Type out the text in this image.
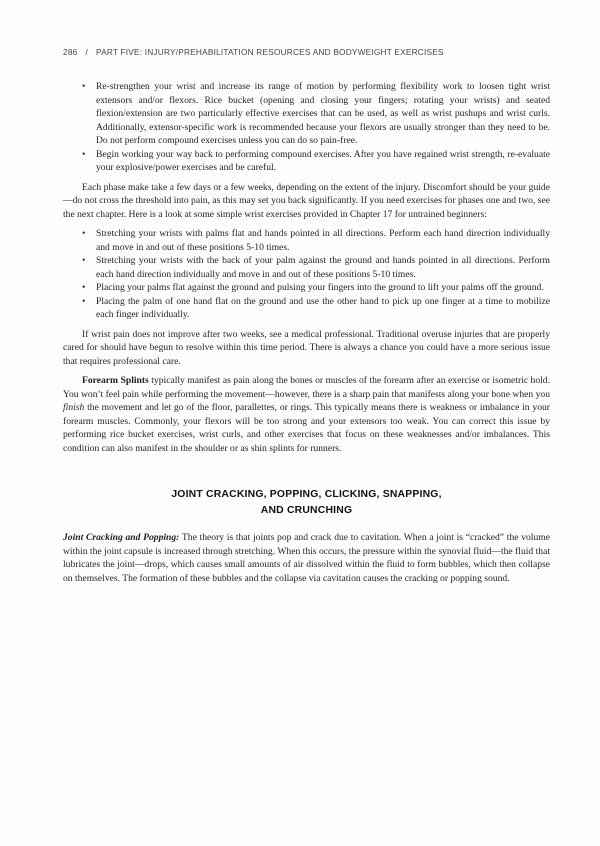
286 / PART FIVE: INJURY/PREHABILITATION RESOURCES AND BODYWEIGHT EXERCISES
• Re-strengthen your wrist and increase its range of motion by performing flexibility work to loosen tight wrist extensors and/or flexors. Rice bucket (opening and closing your fingers; rotating your wrists) and seated flexion/extension are two particularly effective exercises that can be used, as well as wrist pushups and wrist curls. Additionally, extensor-specific work is recommended because your flexors are usually stronger than they need to be. Do not perform compound exercises unless you can do so pain-free.
• Begin working your way back to performing compound exercises. After you have regained wrist strength, re-evaluate your explosive/power exercises and be careful.

Each phase make take a few days or a few weeks, depending on the extent of the injury. Discomfort should be your guide—do not cross the threshold into pain, as this may set you back significantly. If you need exercises for phases one and two, see the next chapter. Here is a look at some simple wrist exercises provided in Chapter 17 for untrained beginners:

• Stretching your wrists with palms flat and hands pointed in all directions. Perform each hand direction individually and move in and out of these positions 5-10 times.
• Stretching your wrists with the back of your palm against the ground and hands pointed in all directions. Perform each hand direction individually and move in and out of these positions 5-10 times.
• Placing your palms flat against the ground and pulsing your fingers into the ground to lift your palms off the ground.
• Placing the palm of one hand flat on the ground and use the other hand to pick up one finger at a time to mobilize each finger individually.

If wrist pain does not improve after two weeks, see a medical professional. Traditional overuse injuries that are properly cared for should have begun to resolve within this time period. There is always a chance you could have a more serious issue that requires professional care.

Forearm Splints typically manifest as pain along the bones or muscles of the forearm after an exercise or isometric hold. You won’t feel pain while performing the movement—however, there is a sharp pain that manifests along your bone when you finish the movement and let go of the floor, parallettes, or rings. This typically means there is weakness or imbalance in your forearm muscles. Commonly, your flexors will be too strong and your extensors too weak. You can correct this issue by performing rice bucket exercises, wrist curls, and other exercises that focus on these weaknesses and/or imbalances. This condition can also manifest in the shoulder or as shin splints for runners.

JOINT CRACKING, POPPING, CLICKING, SNAPPING,
AND CRUNCHING

Joint Cracking and Popping: The theory is that joints pop and crack due to cavitation. When a joint is “cracked” the volume within the joint capsule is increased through stretching. When this occurs, the pressure within the synovial fluid—the fluid that lubricates the joint—drops, which causes small amounts of air dissolved within the fluid to form bubbles, which then collapse on themselves. The formation of these bubbles and the collapse via cavitation causes the cracking or popping sound.
